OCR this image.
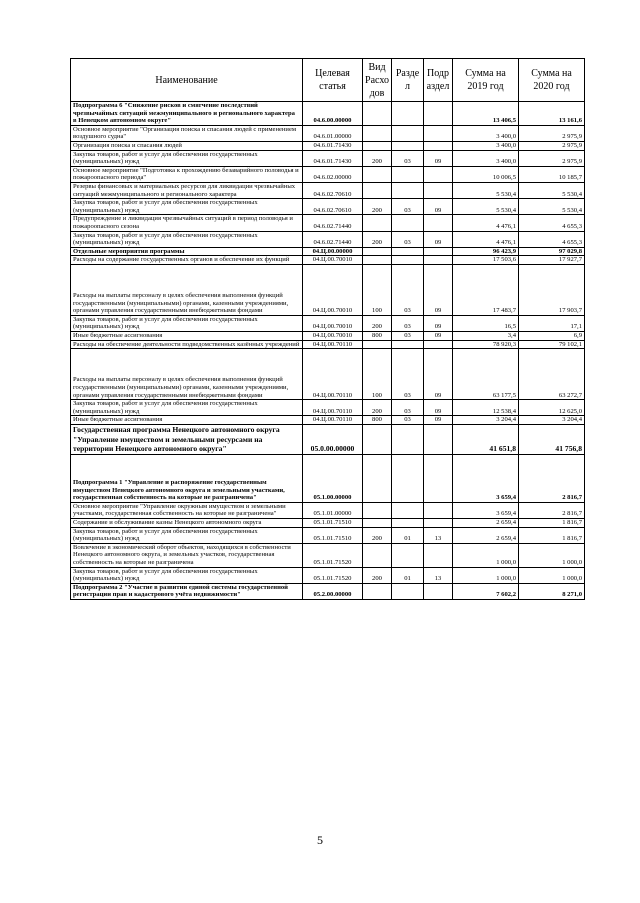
Наименование	Целевая статья	Вид Расхо дов	Разде л	Подр аздел	Сумма на 2019 год	Сумма на 2020 год
Подпрограмма 6 "Снижение рисков и смягчение последствий чрезвычайных ситуаций межмуниципального и регионального характера в Ненецком автономном округе"	04.6.00.00000				13 406,5	13 161,6
Основное мероприятие "Организация поиска и спасания людей с применением воздушного судна"	04.6.01.00000				3 400,0	2 975,9
Организация поиска и спасания людей	04.6.01.71430				3 400,0	2 975,9
Закупка товаров, работ и услуг для обеспечения государственных (муниципальных) нужд	04.6.01.71430	200	03	09	3 400,0	2 975,9
Основное мероприятие "Подготовка к прохождению безаварийного половодья и пожароопасного периода"	04.6.02.00000				10 006,5	10 185,7
Резервы финансовых и материальных ресурсов для ликвидации чрезвычайных ситуаций межмуниципального и регионального характера	04.6.02.70610				5 530,4	5 530,4
Закупка товаров, работ и услуг для обеспечения государственных (муниципальных) нужд	04.6.02.70610	200	03	09	5 530,4	5 530,4
Предупреждение и ликвидация чрезвычайных ситуаций в период половодья и пожароопасного сезона	04.6.02.71440				4 476,1	4 655,3
Закупка товаров, работ и услуг для обеспечения государственных (муниципальных) нужд	04.6.02.71440	200	03	09	4 476,1	4 655,3
Отдельные мероприятия программы	04.Ц.00.00000				96 423,9	97 029,8
Расходы на содержание государственных органов и обеспечение их функций	04.Ц.00.70010				17 503,6	17 927,7
Расходы на выплаты персоналу в целях обеспечения выполнения функций государственными (муниципальными) органами, казенными учреждениями, органами управления государственными внебюджетными фондами	04.Ц.00.70010	100	03	09	17 483,7	17 903,7
Закупка товаров, работ и услуг для обеспечения государственных (муниципальных) нужд	04.Ц.00.70010	200	03	09	16,5	17,1
Иные бюджетные ассигнования	04.Ц.00.70010	800	03	09	3,4	6,9
Расходы на обеспечение деятельности подведомственных казённых учреждений	04.Ц.00.70110				78 920,3	79 102,1
Расходы на выплаты персоналу в целях обеспечения выполнения функций государственными (муниципальными) органами, казенными учреждениями, органами управления государственными внебюджетными фондами	04.Ц.00.70110	100	03	09	63 177,5	63 272,7
Закупка товаров, работ и услуг для обеспечения государственных (муниципальных) нужд	04.Ц.00.70110	200	03	09	12 538,4	12 625,0
Иные бюджетные ассигнования	04.Ц.00.70110	800	03	09	3 204,4	3 204,4
Государственная программа Ненецкого автономного округа "Управление имуществом и земельными ресурсами на территории Ненецкого автономного округа"	05.0.00.00000				41 651,8	41 756,8
Подпрограмма 1 "Управление и распоряжение государственным имуществом Ненецкого автономного округа и земельными участками, государственная собственность на которые не разграничена"	05.1.00.00000				3 659,4	2 816,7
Основное мероприятие "Управление окружным имуществом и земельными участками, государственная собственность на которые не разграничена"	05.1.01.00000				3 659,4	2 816,7
Содержание и обслуживание казны Ненецкого автономного округа	05.1.01.71510				2 659,4	1 816,7
Закупка товаров, работ и услуг для обеспечения государственных (муниципальных) нужд	05.1.01.71510	200	01	13	2 659,4	1 816,7
Вовлечение в экономический оборот объектов, находящихся в собственности Ненецкого автономного округа, и земельных участков, государственная собственность на которые не разграничена	05.1.01.71520				1 000,0	1 000,0
Закупка товаров, работ и услуг для обеспечения государственных (муниципальных) нужд	05.1.01.71520	200	01	13	1 000,0	1 000,0
Подпрограмма 2 "Участие в развитии единой системы государственной регистрации прав и кадастрового учёта недвижимости"	05.2.00.00000				7 602,2	8 271,0
5
